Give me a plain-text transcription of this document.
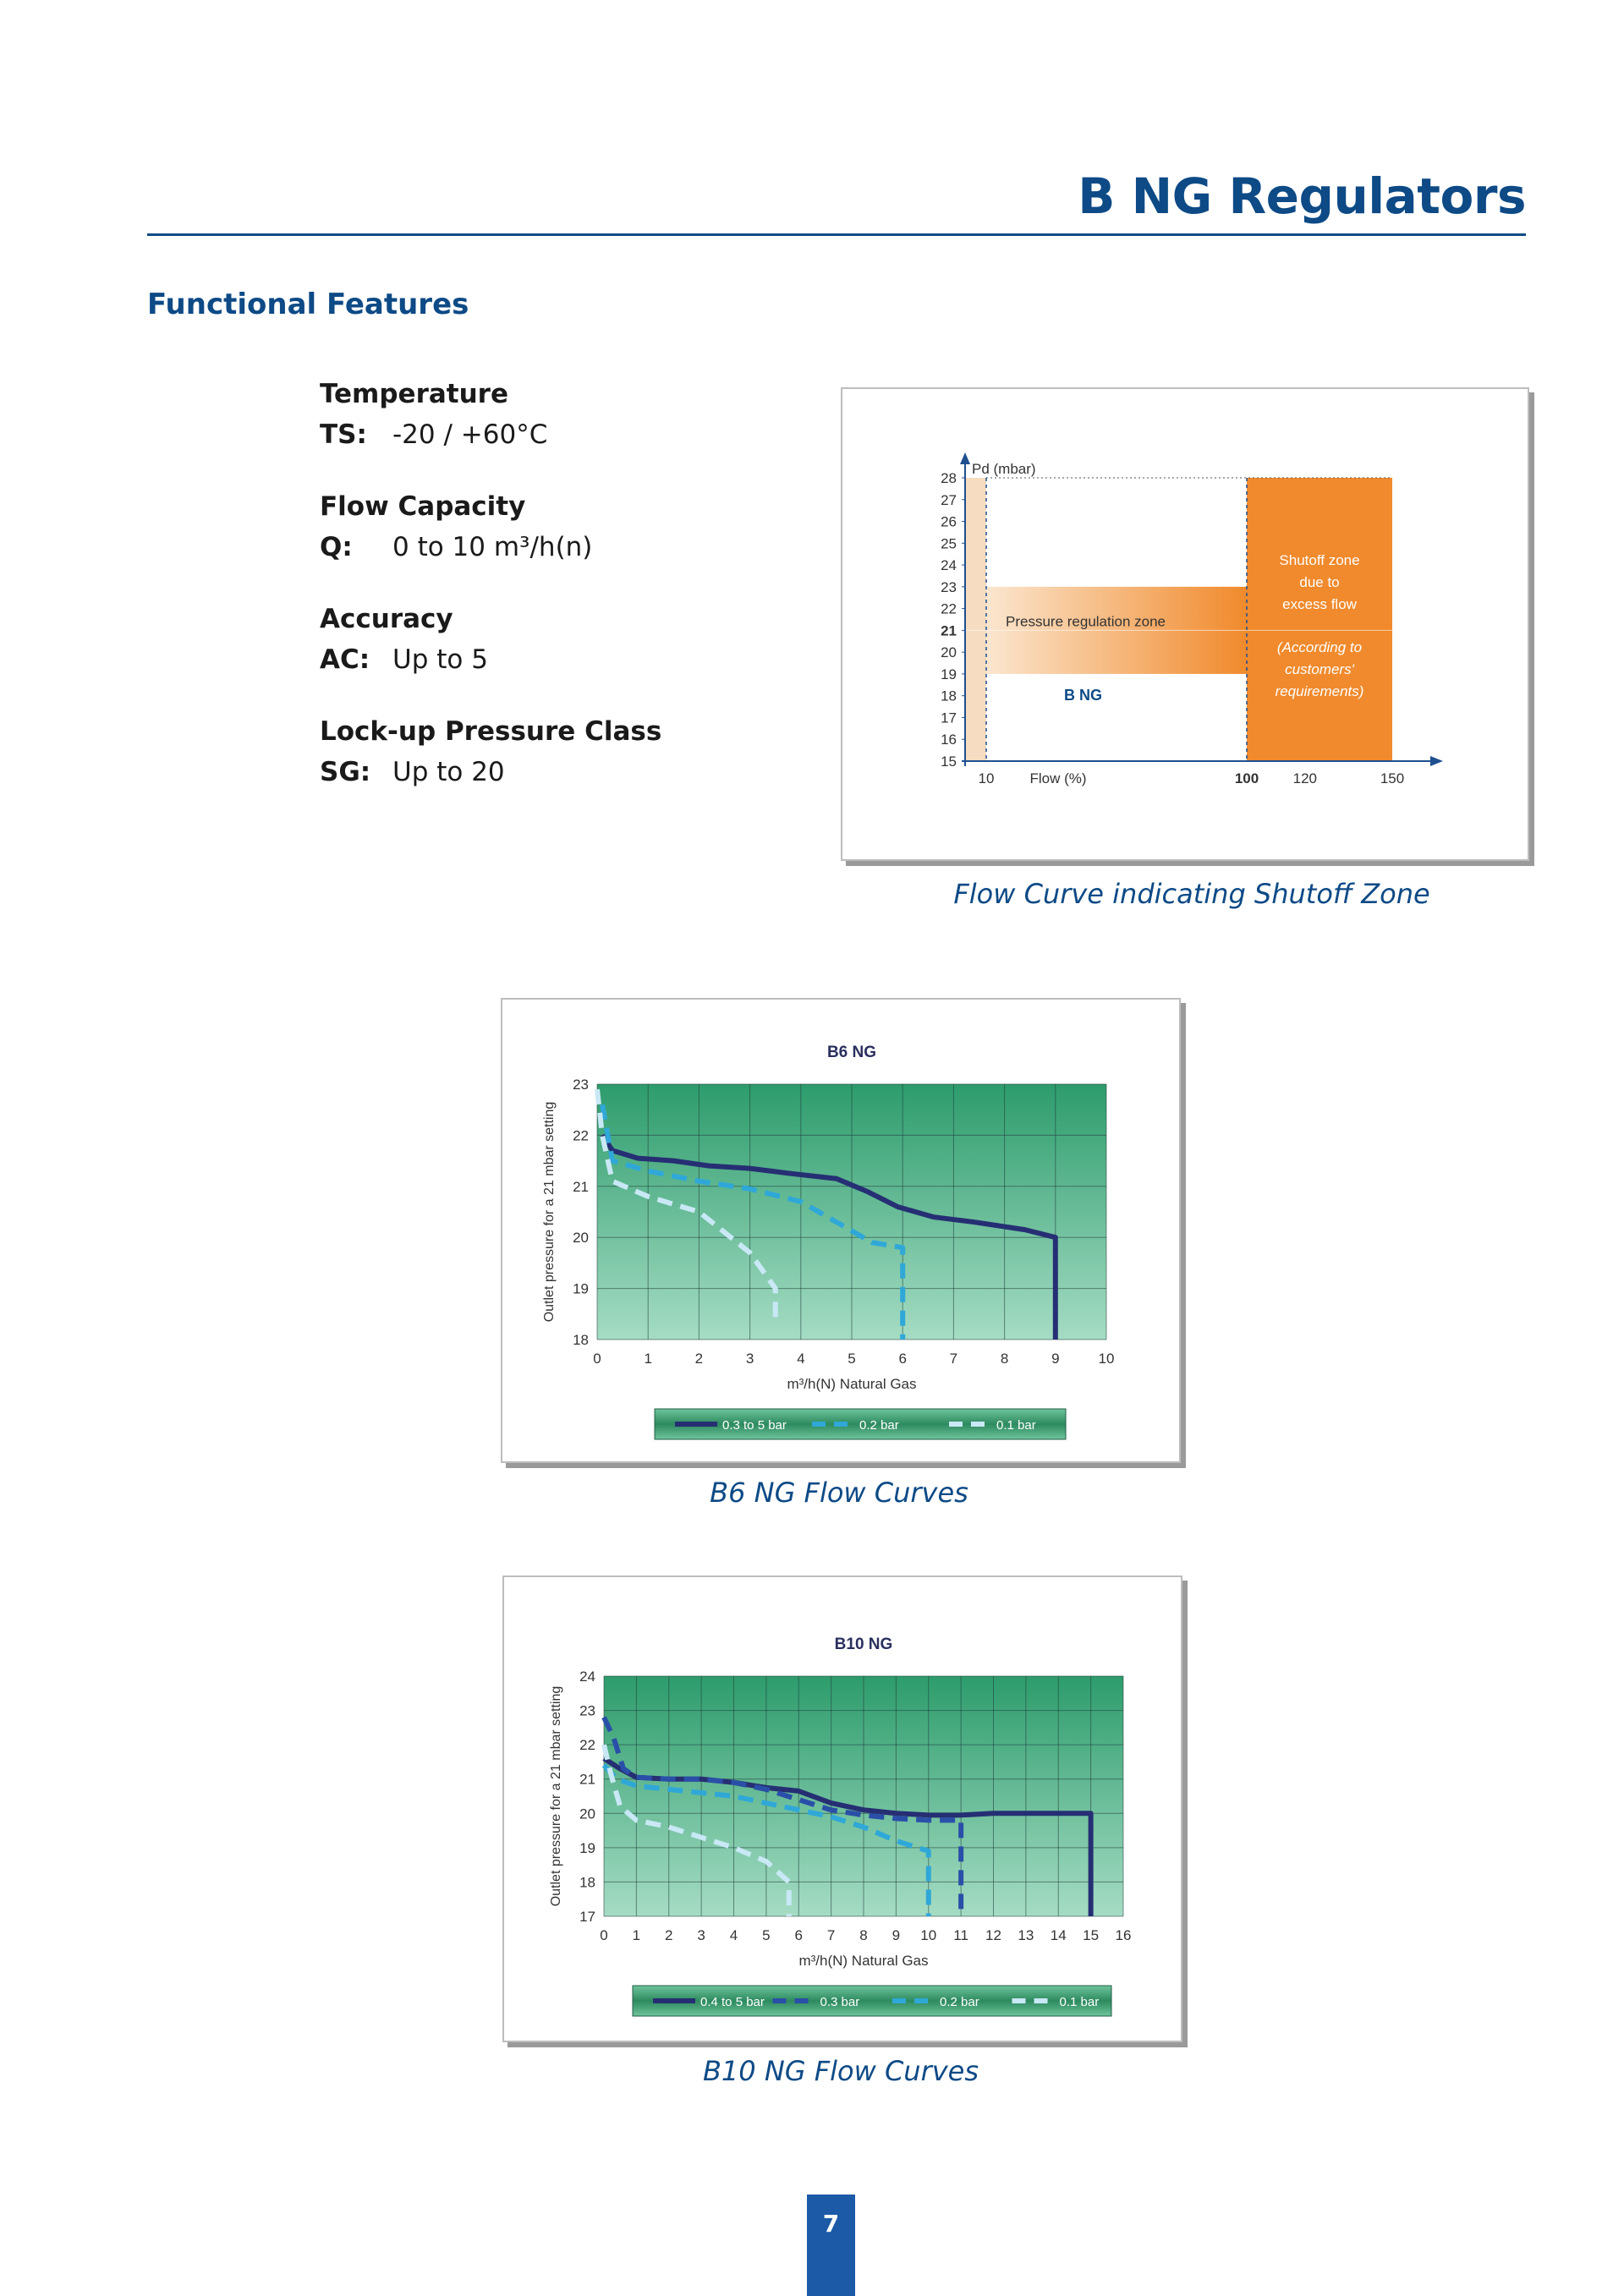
B NG Regulators
Functional Features
Temperature
TS: -20 / +60°C
Flow Capacity
Q: 0 to 10 m³/h(n)
Accuracy
AC: Up to 5
Lock-up Pressure Class
SG: Up to 20	15
16
17
18
19
20
21
22
23
24
25
26
27
28
Pd (mbar)
10	100 120	150
Flow (%)
Pressure regulation zone
B NG
Shutoff zone
due to
excess flow
(According to
customers'
requirements)
Flow Curve indicating Shutoff Zone
B6 NG
18
19
20
21
22
23
0	1	2	3	4	5	6	7	8	9	10
m³/h(N) Natural Gas
Outlet pressure for a 21 mbar setting
0.3 to 5 bar	0.2 bar	0.1 bar
B6 NG Flow Curves
B10 NG
17
18
19
20
21
22
23
24
0 1 2 3 4 5 6 7 8 9 10 11 12 13 14 15 16
m³/h(N) Natural Gas
Outlet pressure for a 21 mbar setting
0.4 to 5 bar	0.3 bar	0.2 bar	0.1 bar
B10 NG Flow Curves
7
